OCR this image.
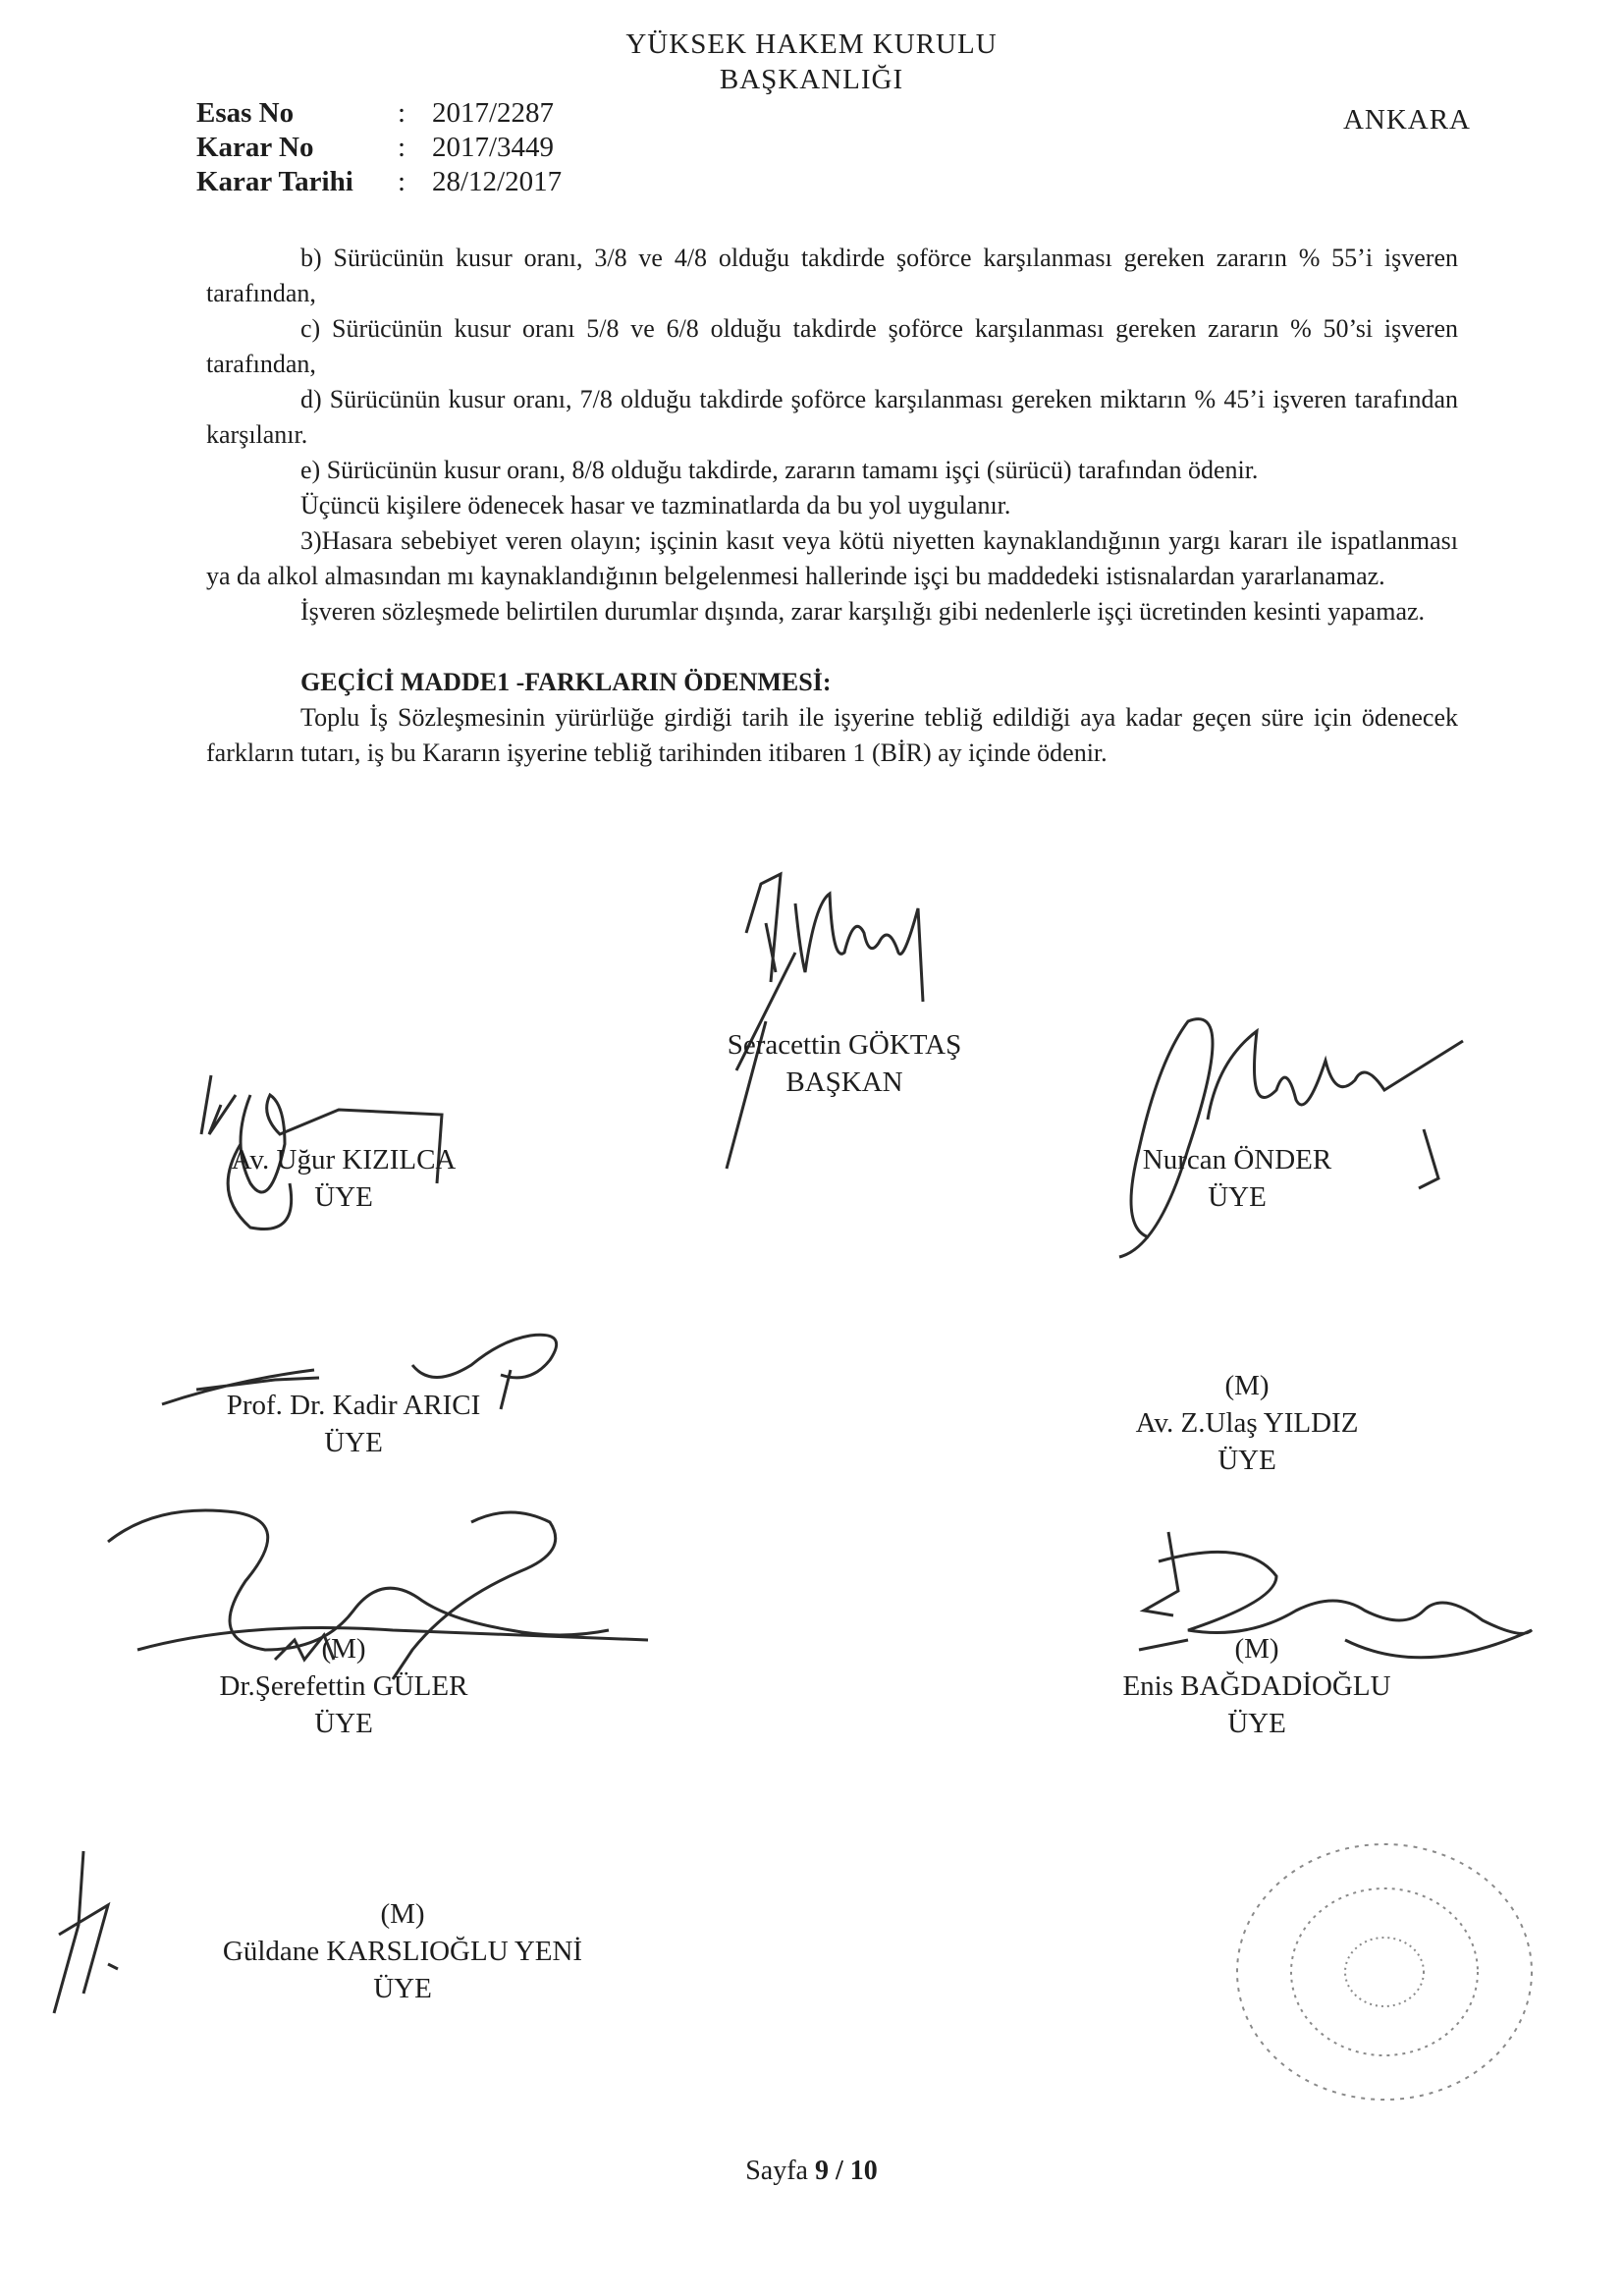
YÜKSEK HAKEM KURULU
BAŞKANLIĞI
Esas No	: 2017/2287
Karar No	: 2017/3449
Karar Tarihi	: 28/12/2017
ANKARA

b) Sürücünün kusur oranı, 3/8 ve 4/8 olduğu takdirde şoförce karşılanması gereken zararın % 55’i işveren tarafından,

c) Sürücünün kusur oranı 5/8 ve 6/8 olduğu takdirde şoförce karşılanması gereken zararın % 50’si işveren tarafından,

d) Sürücünün kusur oranı, 7/8 olduğu takdirde şoförce karşılanması gereken miktarın % 45’i işveren tarafından karşılanır.

e) Sürücünün kusur oranı, 8/8 olduğu takdirde, zararın tamamı işçi (sürücü) tarafından ödenir.

Üçüncü kişilere ödenecek hasar ve tazminatlarda da bu yol uygulanır.

3)Hasara sebebiyet veren olayın; işçinin kasıt veya kötü niyetten kaynaklandığının yargı kararı ile ispatlanması ya da alkol almasından mı kaynaklandığının belgelenmesi hallerinde işçi bu maddedeki istisnalardan yararlanamaz.

İşveren sözleşmede belirtilen durumlar dışında, zarar karşılığı gibi nedenlerle işçi ücretinden kesinti yapamaz.

GEÇİCİ MADDE1 -FARKLARIN ÖDENMESİ:

Toplu İş Sözleşmesinin yürürlüğe girdiği tarih ile işyerine tebliğ edildiği aya kadar geçen süre için ödenecek farkların tutarı, iş bu Kararın işyerine tebliğ tarihinden itibaren 1 (BİR) ay içinde ödenir.

Seracettin GÖKTAŞ
BAŞKAN
Av. Uğur KIZILCA
ÜYE
Nurcan ÖNDER
ÜYE
Prof. Dr. Kadir ARICI
ÜYE
(M)
Av. Z.Ulaş YILDIZ
ÜYE
(M)
Dr.Şerefettin GÜLER
ÜYE
(M)
Enis BAĞDADİOĞLU
ÜYE
(M)
Güldane KARSLIOĞLU YENİ
ÜYE
Sayfa 9 / 10
